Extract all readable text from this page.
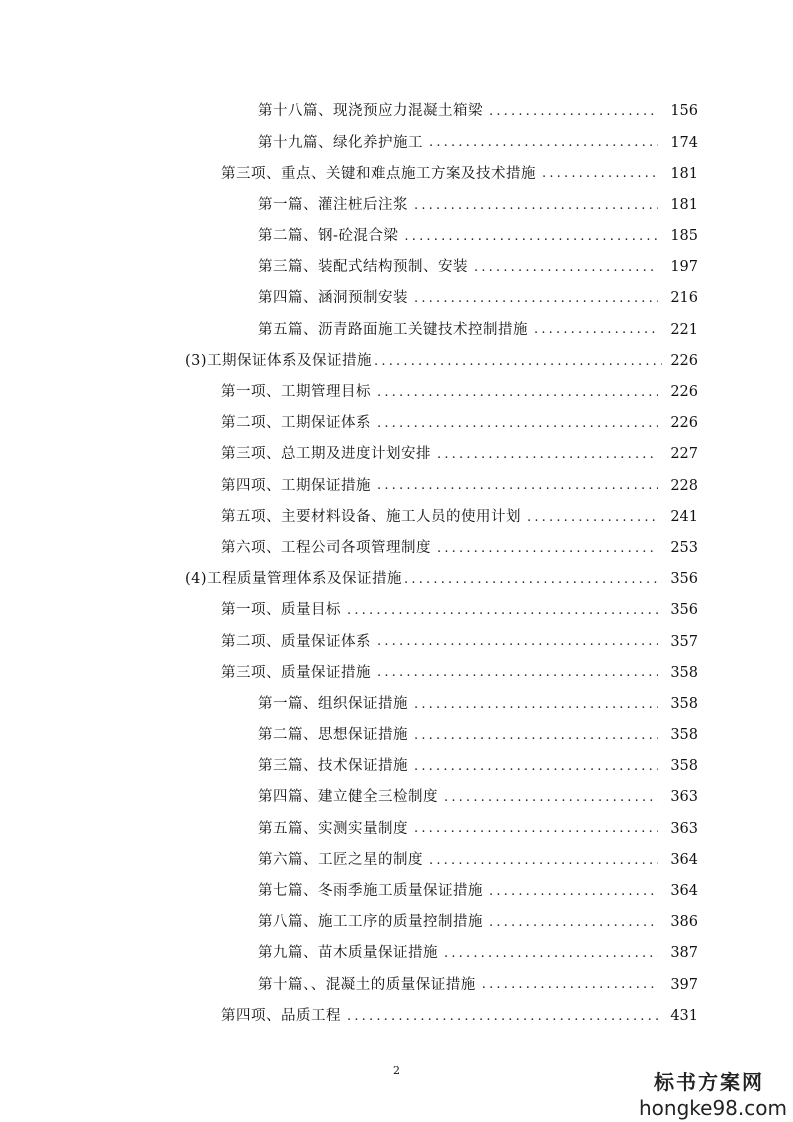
第十八篇、现浇预应力混凝土箱梁 .....	156
第十九篇、绿化养护施工 .....	174
第三项、重点、关键和难点施工方案及技术措施 .....	181
第一篇、灌注桩后注浆 .....	181
第二篇、钢-砼混合梁 .....	185
第三篇、装配式结构预制、安装 .....	197
第四篇、涵洞预制安装 .....	216
第五篇、沥青路面施工关键技术控制措施 .....	221
(3)工期保证体系及保证措施 .....	226
第一项、工期管理目标 .....	226
第二项、工期保证体系 .....	226
第三项、总工期及进度计划安排 .....	227
第四项、工期保证措施 .....	228
第五项、主要材料设备、施工人员的使用计划 .....	241
第六项、工程公司各项管理制度 .....	253
(4)工程质量管理体系及保证措施 .....	356
第一项、质量目标 .....	356
第二项、质量保证体系 .....	357
第三项、质量保证措施 .....	358
第一篇、组织保证措施 .....	358
第二篇、思想保证措施 .....	358
第三篇、技术保证措施 .....	358
第四篇、建立健全三检制度 .....	363
第五篇、实测实量制度 .....	363
第六篇、工匠之星的制度 .....	364
第七篇、冬雨季施工质量保证措施 .....	364
第八篇、施工工序的质量控制措施 .....	386
第九篇、苗木质量保证措施 .....	387
第十篇、、混凝土的质量保证措施 .....	397
第四项、品质工程 .....	431
2	标书方案网
hongke98.com
